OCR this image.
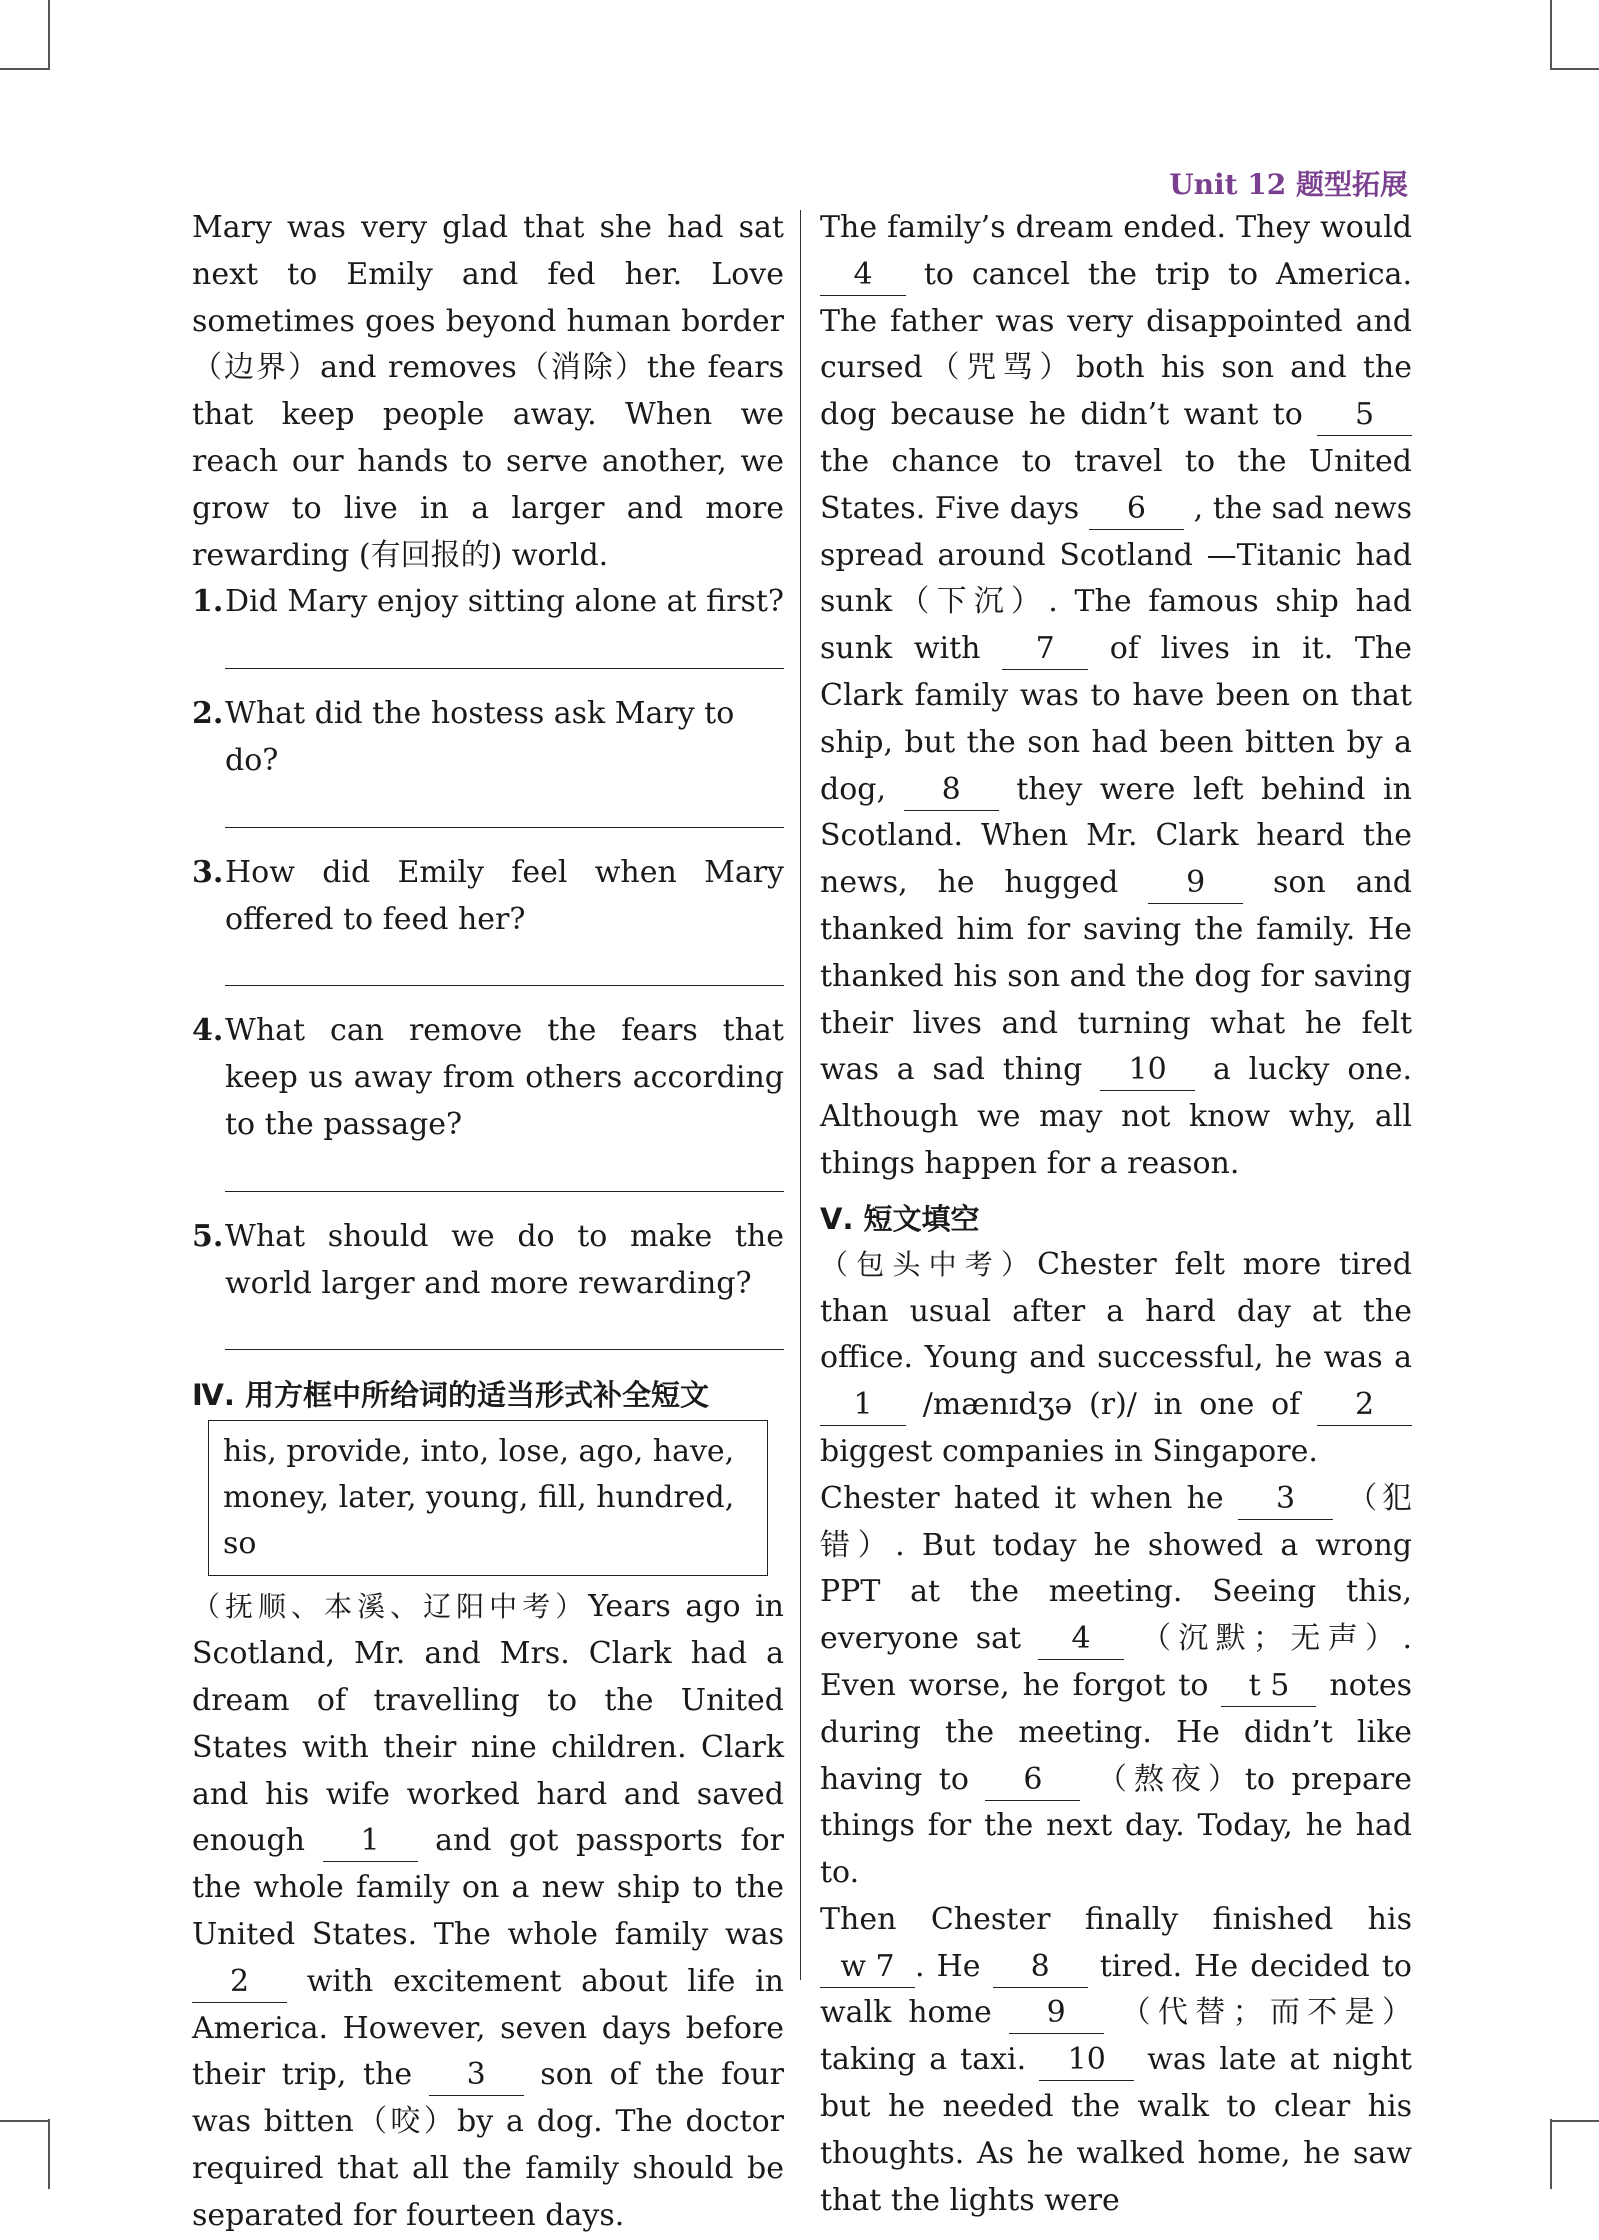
Unit 12 题型拓展

Mary was very glad that she had sat next to Emily and fed her. Love sometimes goes beyond human border（边界）and removes（消除）the fears that keep people away. When we reach our hands to serve another, we grow to live in a larger and more rewarding (有回报的) world.

1. Did Mary enjoy sitting alone at first?
2. What did the hostess ask Mary to do?
3. How did Emily feel when Mary offered to feed her?

4. What can remove the fears that keep us away from others according to the passage?

5. What should we do to make the world larger and more rewarding?

Ⅳ. 用方框中所给词的适当形式补全短文
his, provide, into, lose, ago, have, money, later, young, fill, hundred, so

（抚顺、本溪、辽阳中考）Years ago in Scotland, Mr. and Mrs. Clark had a dream of travelling to the United States with their nine children. Clark and his wife worked hard and saved enough 1 and got passports for the whole family on a new ship to the United States. The whole family was 2 with excitement about life in America. However, seven days before their trip, the 3 son of the four was bitten（咬）by a dog. The doctor required that all the family should be separated for fourteen days.

The family’s dream ended. They would 4 to cancel the trip to America. The father was very disappointed and cursed（咒骂）both his son and the dog because he didn’t want to 5 the chance to travel to the United States. Five days 6 , the sad news spread around Scotland —Titanic had sunk（下沉）. The famous ship had sunk with 7 of lives in it. The Clark family was to have been on that ship, but the son had been bitten by a dog, 8 they were left behind in Scotland. When Mr. Clark heard the news, he hugged 9 son and thanked him for saving the family. He thanked his son and the dog for saving their lives and turning what he felt was a sad thing 10 a lucky one. Although we may not know why, all things happen for a reason.

Ⅴ. 短文填空

（包头中考）Chester felt more tired than usual after a hard day at the office. Young and successful, he was a 1 /mænɪdʒə (r)/ in one of 2 biggest companies in Singapore.

Chester hated it when he 3 （犯错）. But today he showed a wrong PPT at the meeting. Seeing this, everyone sat 4 （沉默；无声）. Even worse, he forgot to t 5 notes during the meeting. He didn’t like having to 6 （熬夜）to prepare things for the next day. Today, he had to.

Then Chester finally finished his w 7 . He 8 tired. He decided to walk home 9 （代替；而不是）taking a taxi. 10 was late at night but he needed the walk to clear his thoughts. As he walked home, he saw that the lights were
